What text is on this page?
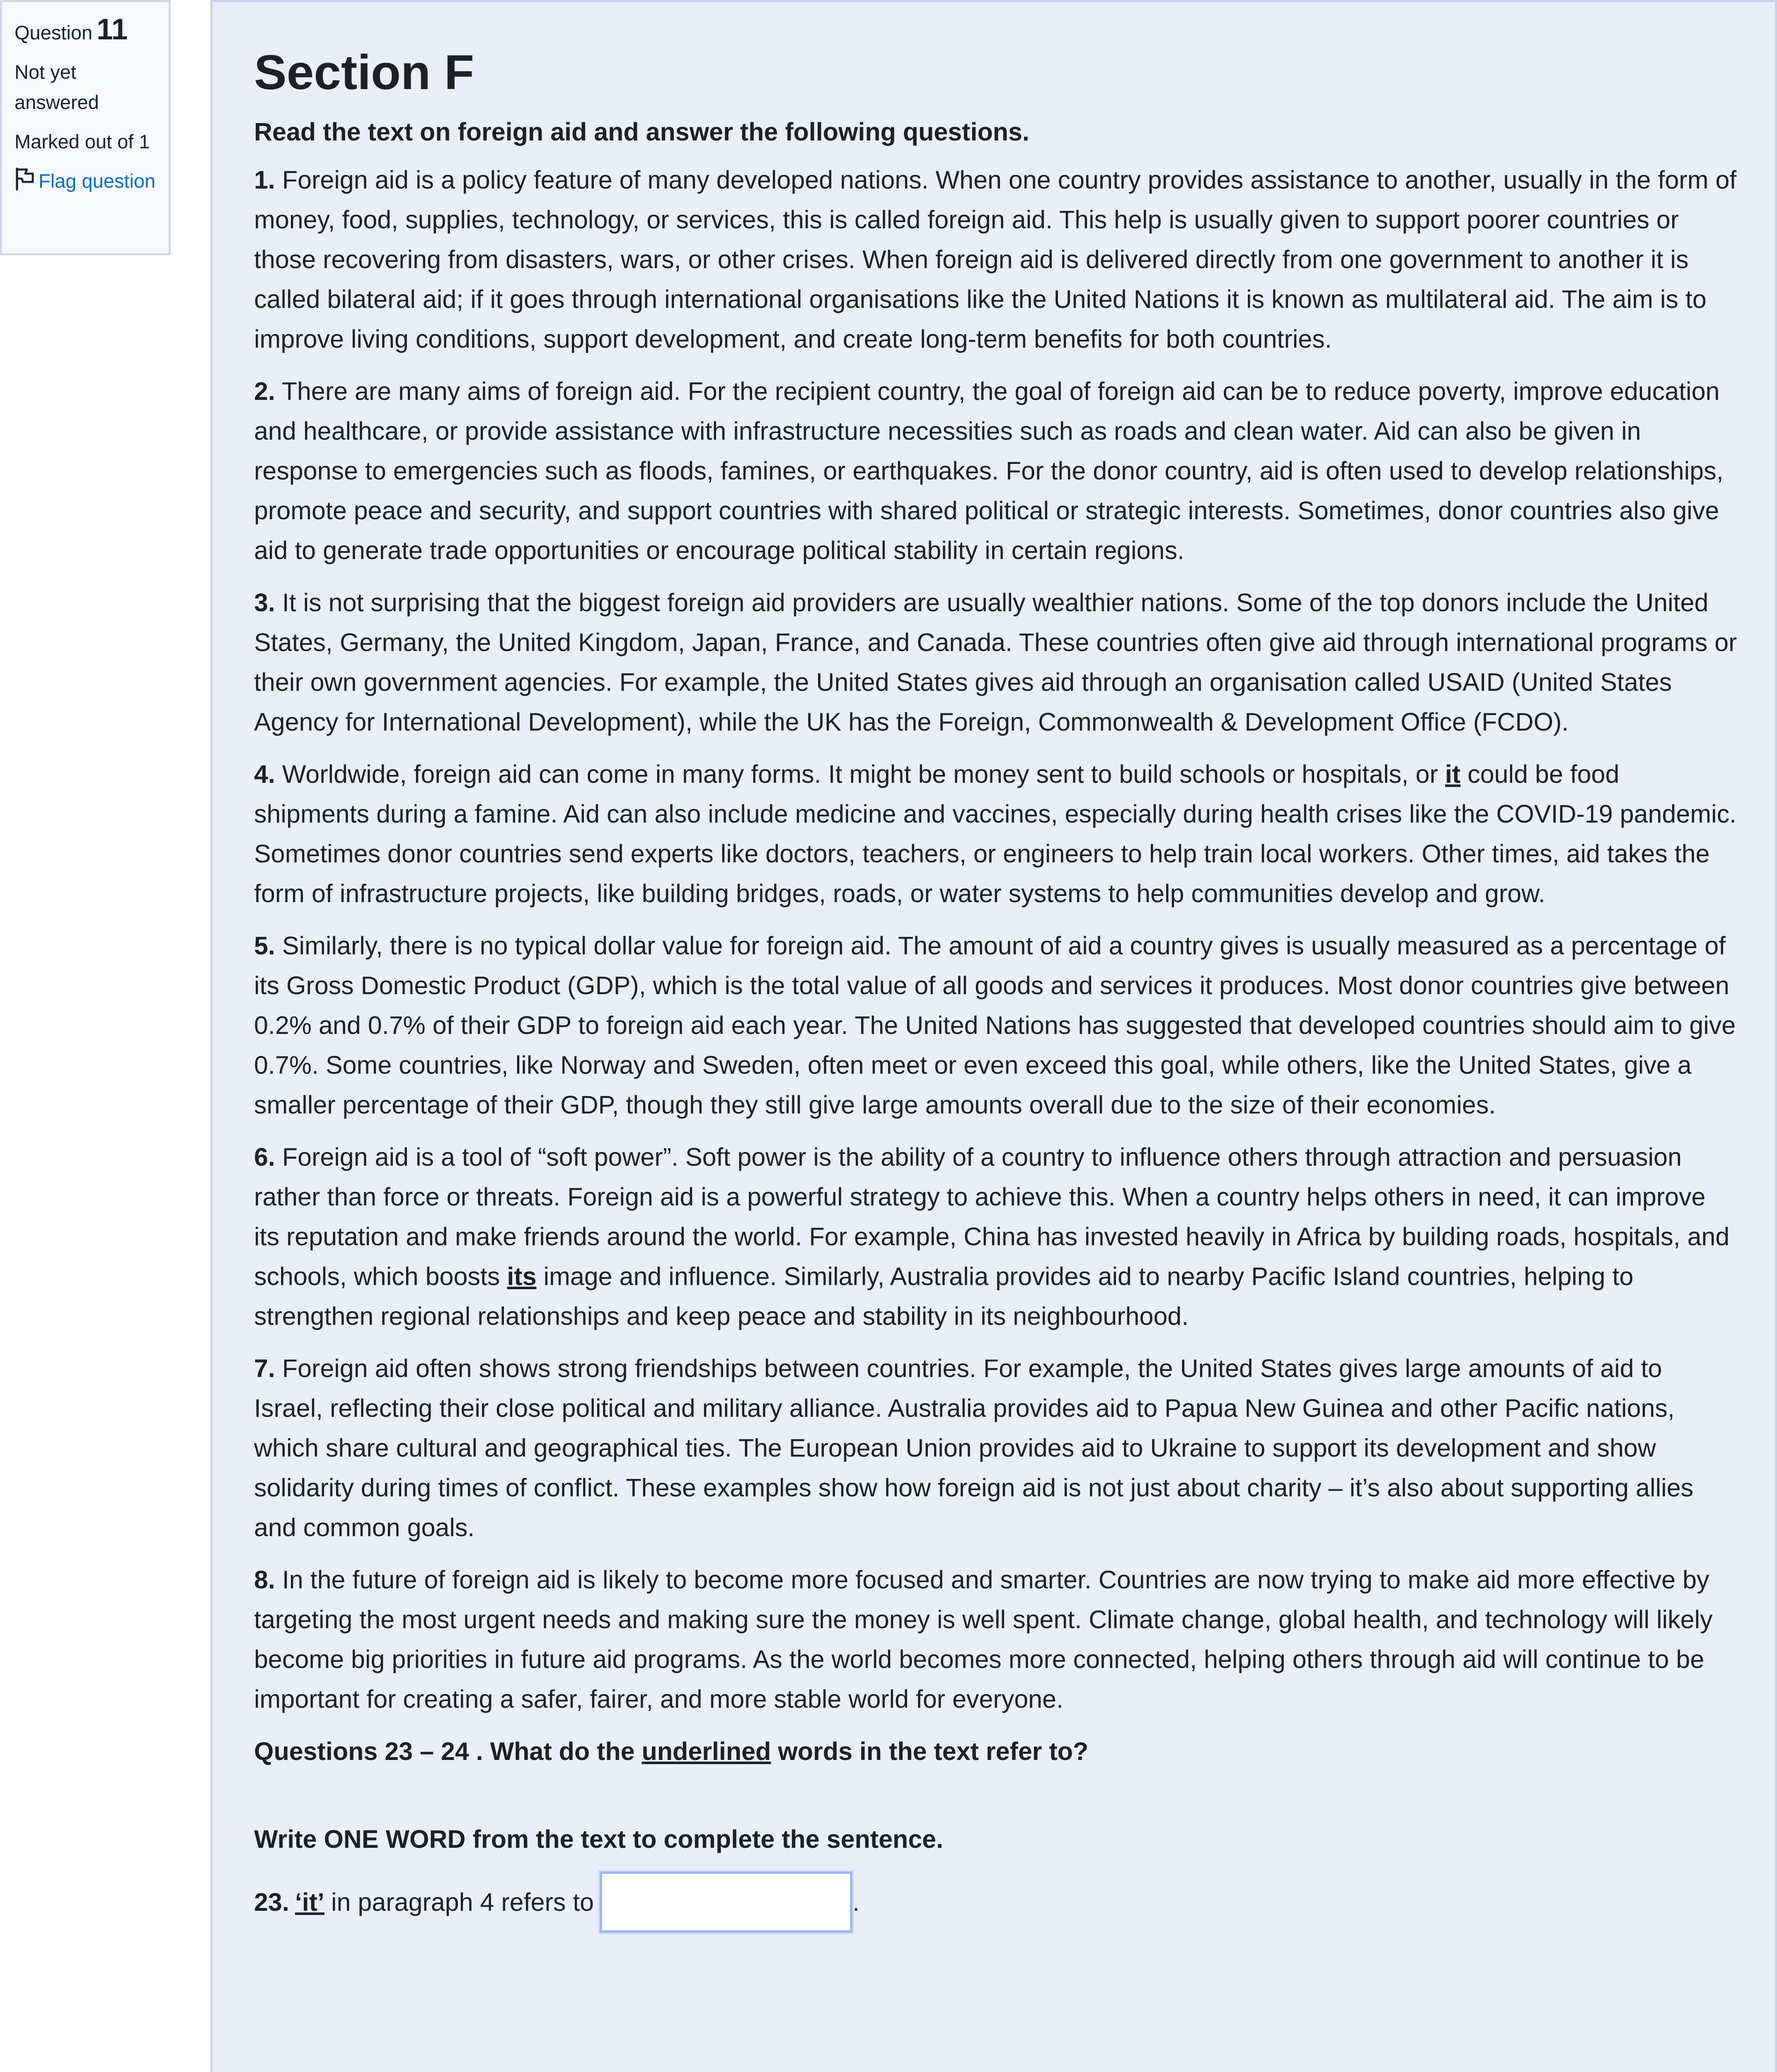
Question 11
Not yet answered
Marked out of 1
Flag question
Section F

Read the text on foreign aid and answer the following questions.

1. Foreign aid is a policy feature of many developed nations. When one country provides assistance to another, usually in the form of money, food, supplies, technology, or services, this is called foreign aid. This help is usually given to support poorer countries or those recovering from disasters, wars, or other crises. When foreign aid is delivered directly from one government to another it is called bilateral aid; if it goes through international organisations like the United Nations it is known as multilateral aid. The aim is to improve living conditions, support development, and create long-term benefits for both countries.

2. There are many aims of foreign aid. For the recipient country, the goal of foreign aid can be to reduce poverty, improve education and healthcare, or provide assistance with infrastructure necessities such as roads and clean water. Aid can also be given in response to emergencies such as floods, famines, or earthquakes. For the donor country, aid is often used to develop relationships, promote peace and security, and support countries with shared political or strategic interests. Sometimes, donor countries also give aid to generate trade opportunities or encourage political stability in certain regions.

3. It is not surprising that the biggest foreign aid providers are usually wealthier nations. Some of the top donors include the United States, Germany, the United Kingdom, Japan, France, and Canada. These countries often give aid through international programs or their own government agencies. For example, the United States gives aid through an organisation called USAID (United States Agency for International Development), while the UK has the Foreign, Commonwealth & Development Office (FCDO).

4. Worldwide, foreign aid can come in many forms. It might be money sent to build schools or hospitals, or it could be food shipments during a famine. Aid can also include medicine and vaccines, especially during health crises like the COVID-19 pandemic. Sometimes donor countries send experts like doctors, teachers, or engineers to help train local workers. Other times, aid takes the form of infrastructure projects, like building bridges, roads, or water systems to help communities develop and grow.

5. Similarly, there is no typical dollar value for foreign aid. The amount of aid a country gives is usually measured as a percentage of its Gross Domestic Product (GDP), which is the total value of all goods and services it produces. Most donor countries give between 0.2% and 0.7% of their GDP to foreign aid each year. The United Nations has suggested that developed countries should aim to give 0.7%. Some countries, like Norway and Sweden, often meet or even exceed this goal, while others, like the United States, give a smaller percentage of their GDP, though they still give large amounts overall due to the size of their economies.

6. Foreign aid is a tool of “soft power”. Soft power is the ability of a country to influence others through attraction and persuasion rather than force or threats. Foreign aid is a powerful strategy to achieve this. When a country helps others in need, it can improve its reputation and make friends around the world. For example, China has invested heavily in Africa by building roads, hospitals, and schools, which boosts its image and influence. Similarly, Australia provides aid to nearby Pacific Island countries, helping to strengthen regional relationships and keep peace and stability in its neighbourhood.

7. Foreign aid often shows strong friendships between countries. For example, the United States gives large amounts of aid to Israel, reflecting their close political and military alliance. Australia provides aid to Papua New Guinea and other Pacific nations, which share cultural and geographical ties. The European Union provides aid to Ukraine to support its development and show solidarity during times of conflict. These examples show how foreign aid is not just about charity – it’s also about supporting allies and common goals.

8. In the future of foreign aid is likely to become more focused and smarter. Countries are now trying to make aid more effective by targeting the most urgent needs and making sure the money is well spent. Climate change, global health, and technology will likely become big priorities in future aid programs. As the world becomes more connected, helping others through aid will continue to be important for creating a safer, fairer, and more stable world for everyone.

Questions 23 – 24 . What do the underlined words in the text refer to?

Write ONE WORD from the text to complete the sentence.

23. ‘it’ in paragraph 4 refers to	.
